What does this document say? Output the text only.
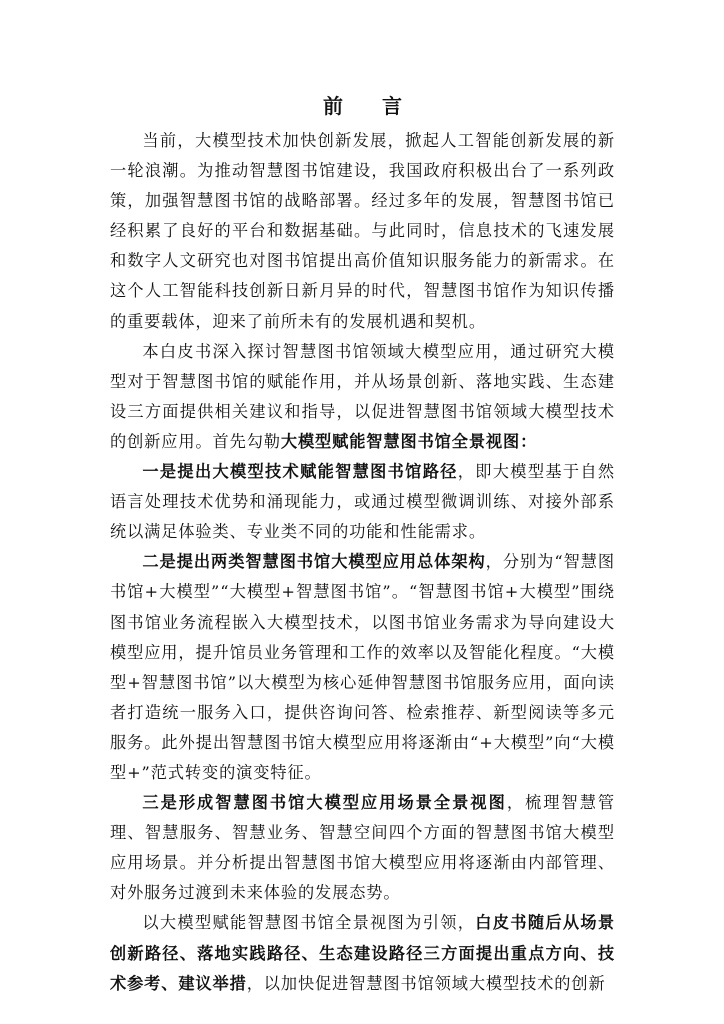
前 言

当前，大模型技术加快创新发展，掀起人工智能创新发展的新一轮浪潮。为推动智慧图书馆建设，我国政府积极出台了一系列政策，加强智慧图书馆的战略部署。经过多年的发展，智慧图书馆已经积累了良好的平台和数据基础。与此同时，信息技术的飞速发展和数字人文研究也对图书馆提出高价值知识服务能力的新需求。在这个人工智能科技创新日新月异的时代，智慧图书馆作为知识传播的重要载体，迎来了前所未有的发展机遇和契机。

本白皮书深入探讨智慧图书馆领域大模型应用，通过研究大模型对于智慧图书馆的赋能作用，并从场景创新、落地实践、生态建设三方面提供相关建议和指导，以促进智慧图书馆领域大模型技术的创新应用。首先勾勒大模型赋能智慧图书馆全景视图：

一是提出大模型技术赋能智慧图书馆路径，即大模型基于自然语言处理技术优势和涌现能力，或通过模型微调训练、对接外部系统以满足体验类、专业类不同的功能和性能需求。

二是提出两类智慧图书馆大模型应用总体架构，分别为“智慧图书馆+大模型”“大模型+智慧图书馆”。“智慧图书馆+大模型”围绕图书馆业务流程嵌入大模型技术，以图书馆业务需求为导向建设大模型应用，提升馆员业务管理和工作的效率以及智能化程度。“大模型+智慧图书馆”以大模型为核心延伸智慧图书馆服务应用，面向读者打造统一服务入口，提供咨询问答、检索推荐、新型阅读等多元服务。此外提出智慧图书馆大模型应用将逐渐由“+大模型”向“大模型+”范式转变的演变特征。

三是形成智慧图书馆大模型应用场景全景视图，梳理智慧管理、智慧服务、智慧业务、智慧空间四个方面的智慧图书馆大模型应用场景。并分析提出智慧图书馆大模型应用将逐渐由内部管理、对外服务过渡到未来体验的发展态势。

以大模型赋能智慧图书馆全景视图为引领，白皮书随后从场景创新路径、落地实践路径、生态建设路径三方面提出重点方向、技术参考、建议举措，以加快促进智慧图书馆领域大模型技术的创新
